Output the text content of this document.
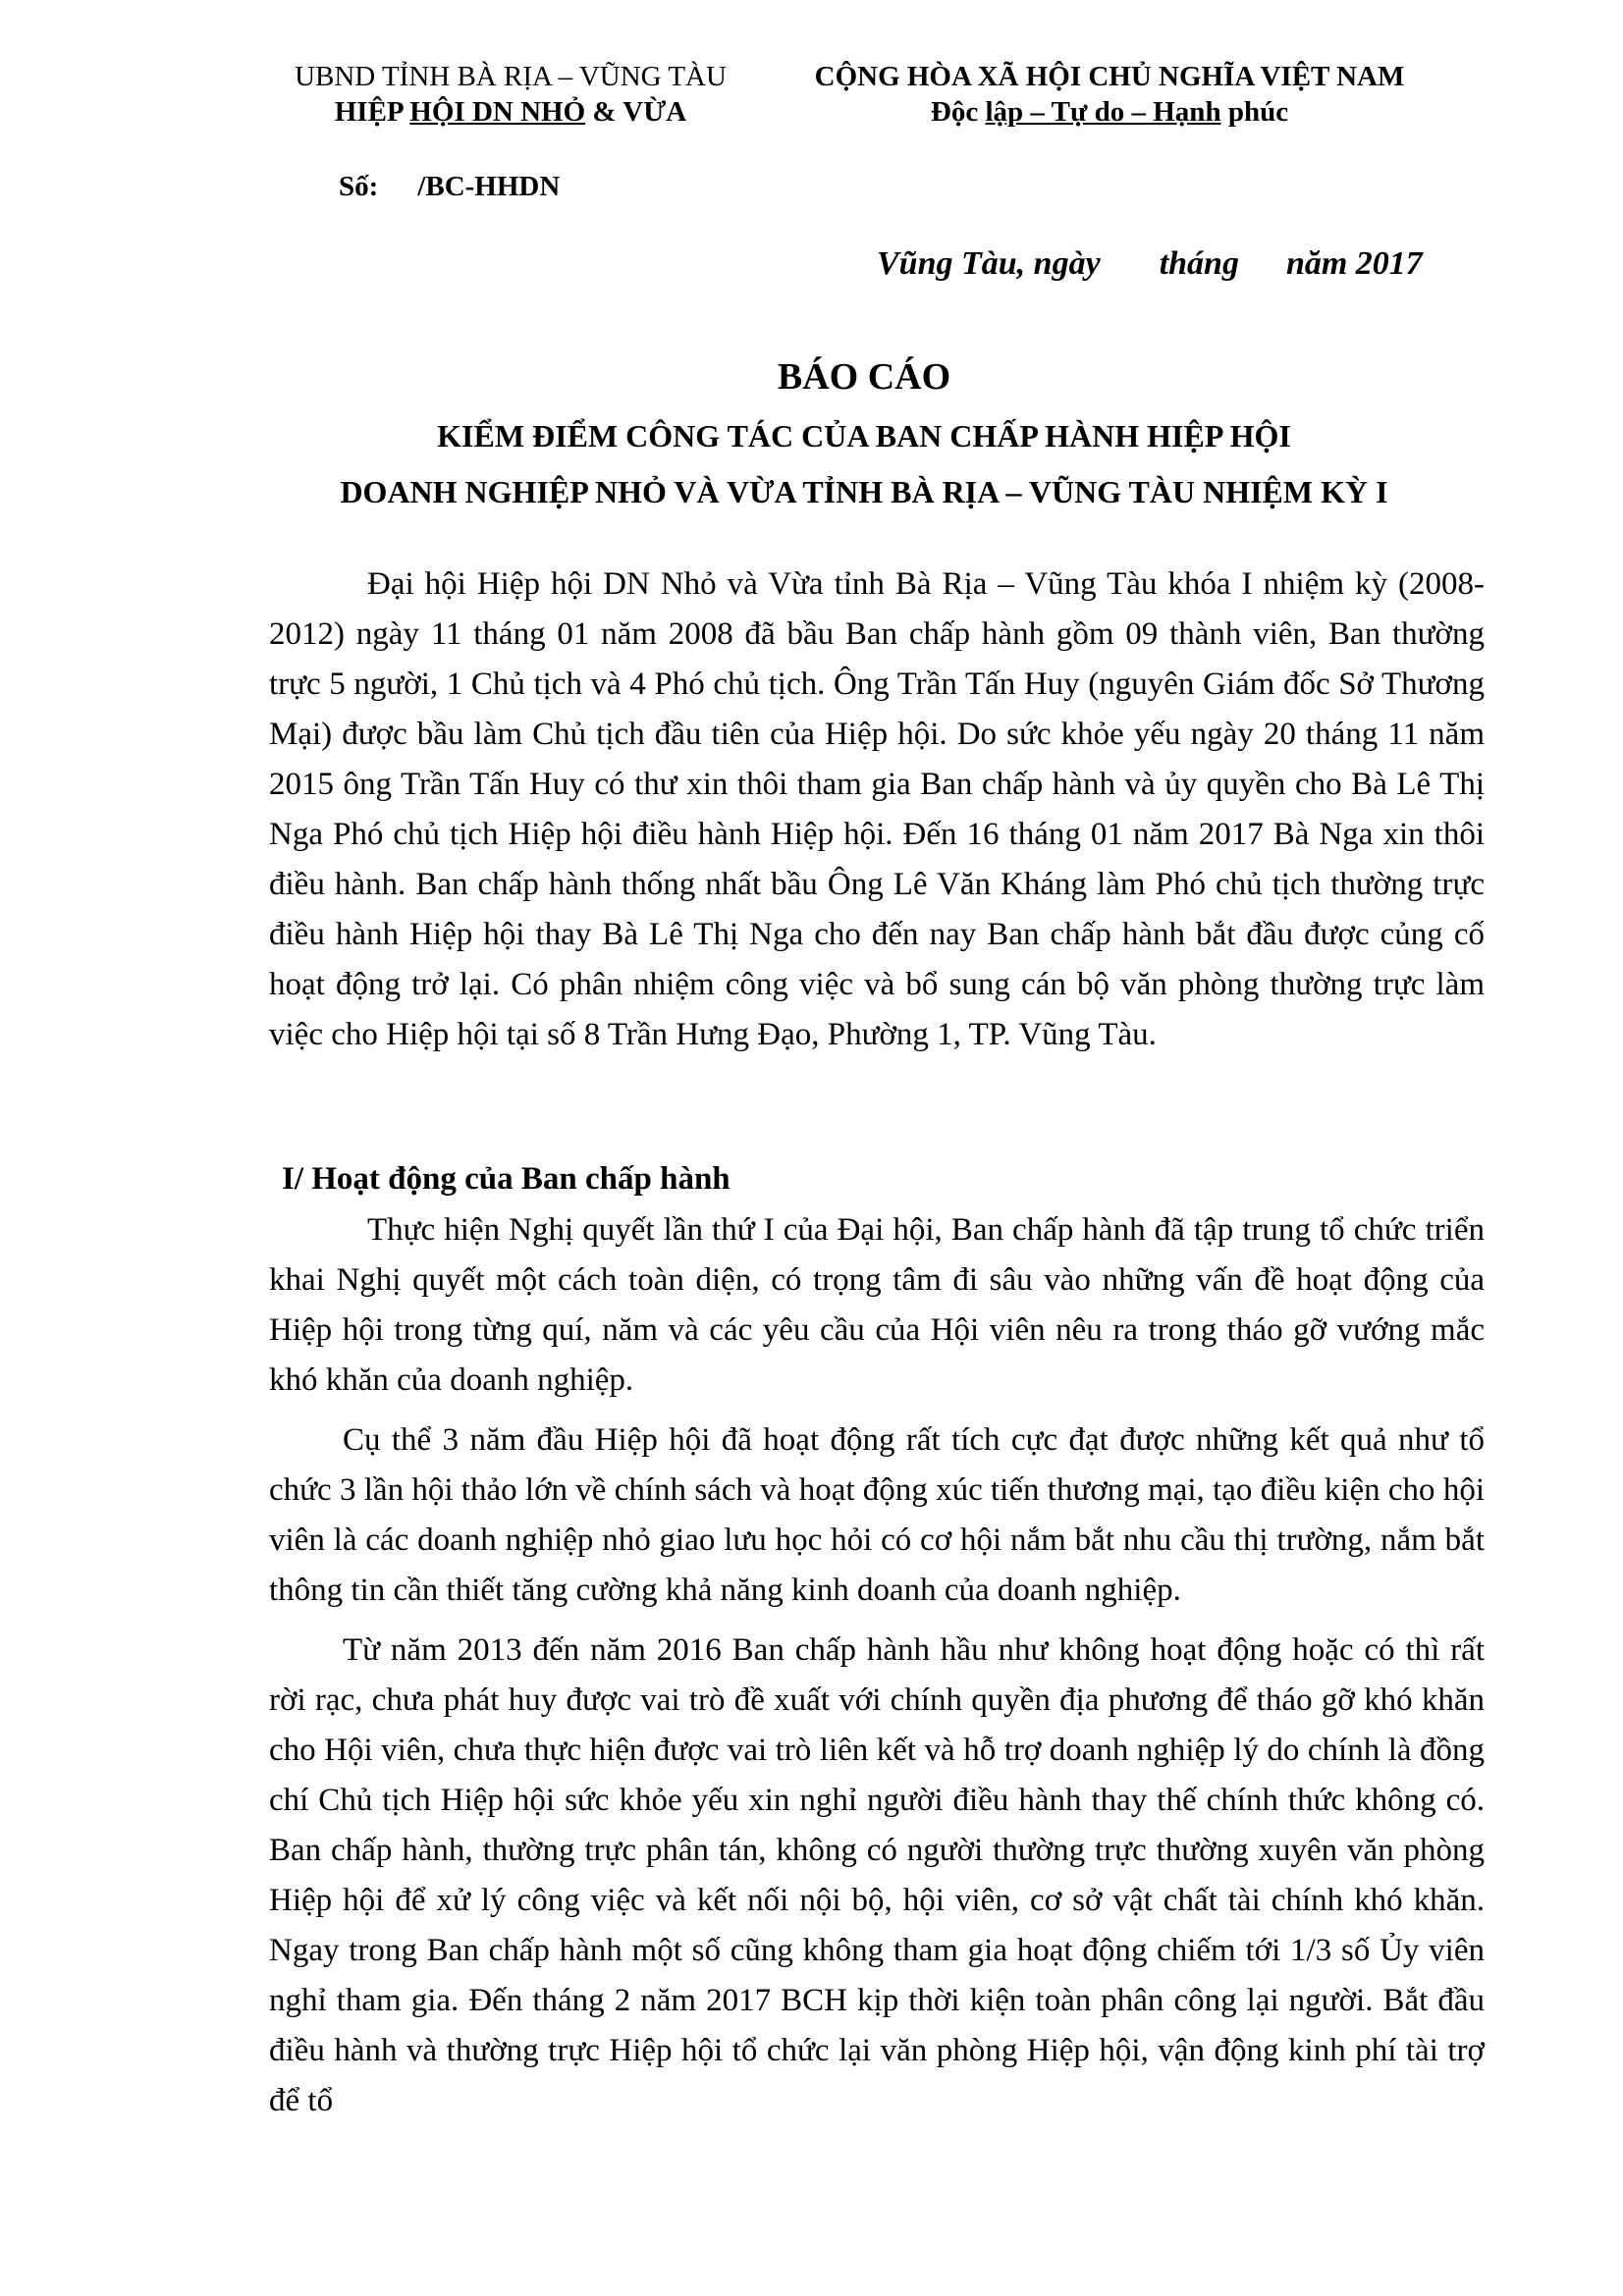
UBND TỈNH BÀ RỊA – VŨNG TÀU
HIỆP HỘI DN NHỎ & VỪA
CỘNG HÒA XÃ HỘI CHỦ NGHĨA VIỆT NAM
Độc lập – Tự do – Hạnh phúc
Số: /BC-HHDN
Vũng Tàu, ngày tháng năm 2017
BÁO CÁO
KIỂM ĐIỂM CÔNG TÁC CỦA BAN CHẤP HÀNH HIỆP HỘI
DOANH NGHIỆP NHỎ VÀ VỪA TỈNH BÀ RỊA – VŨNG TÀU NHIỆM KỲ I

Đại hội Hiệp hội DN Nhỏ và Vừa tỉnh Bà Rịa – Vũng Tàu khóa I nhiệm kỳ (2008-2012) ngày 11 tháng 01 năm 2008 đã bầu Ban chấp hành gồm 09 thành viên, Ban thường trực 5 người, 1 Chủ tịch và 4 Phó chủ tịch. Ông Trần Tấn Huy (nguyên Giám đốc Sở Thương Mại) được bầu làm Chủ tịch đầu tiên của Hiệp hội. Do sức khỏe yếu ngày 20 tháng 11 năm 2015 ông Trần Tấn Huy có thư xin thôi tham gia Ban chấp hành và ủy quyền cho Bà Lê Thị Nga Phó chủ tịch Hiệp hội điều hành Hiệp hội. Đến 16 tháng 01 năm 2017 Bà Nga xin thôi điều hành. Ban chấp hành thống nhất bầu Ông Lê Văn Kháng làm Phó chủ tịch thường trực điều hành Hiệp hội thay Bà Lê Thị Nga cho đến nay Ban chấp hành bắt đầu được củng cố hoạt động trở lại. Có phân nhiệm công việc và bổ sung cán bộ văn phòng thường trực làm việc cho Hiệp hội tại số 8 Trần Hưng Đạo, Phường 1, TP. Vũng Tàu.

I/ Hoạt động của Ban chấp hành

Thực hiện Nghị quyết lần thứ I của Đại hội, Ban chấp hành đã tập trung tổ chức triển khai Nghị quyết một cách toàn diện, có trọng tâm đi sâu vào những vấn đề hoạt động của Hiệp hội trong từng quí, năm và các yêu cầu của Hội viên nêu ra trong tháo gỡ vướng mắc khó khăn của doanh nghiệp.

Cụ thể 3 năm đầu Hiệp hội đã hoạt động rất tích cực đạt được những kết quả như tổ chức 3 lần hội thảo lớn về chính sách và hoạt động xúc tiến thương mại, tạo điều kiện cho hội viên là các doanh nghiệp nhỏ giao lưu học hỏi có cơ hội nắm bắt nhu cầu thị trường, nắm bắt thông tin cần thiết tăng cường khả năng kinh doanh của doanh nghiệp.

Từ năm 2013 đến năm 2016 Ban chấp hành hầu như không hoạt động hoặc có thì rất rời rạc, chưa phát huy được vai trò đề xuất với chính quyền địa phương để tháo gỡ khó khăn cho Hội viên, chưa thực hiện được vai trò liên kết và hỗ trợ doanh nghiệp lý do chính là đồng chí Chủ tịch Hiệp hội sức khỏe yếu xin nghỉ người điều hành thay thế chính thức không có. Ban chấp hành, thường trực phân tán, không có người thường trực thường xuyên văn phòng Hiệp hội để xử lý công việc và kết nối nội bộ, hội viên, cơ sở vật chất tài chính khó khăn. Ngay trong Ban chấp hành một số cũng không tham gia hoạt động chiếm tới 1/3 số Ủy viên nghỉ tham gia. Đến tháng 2 năm 2017 BCH kịp thời kiện toàn phân công lại người. Bắt đầu điều hành và thường trực Hiệp hội tổ chức lại văn phòng Hiệp hội, vận động kinh phí tài trợ để tổ
